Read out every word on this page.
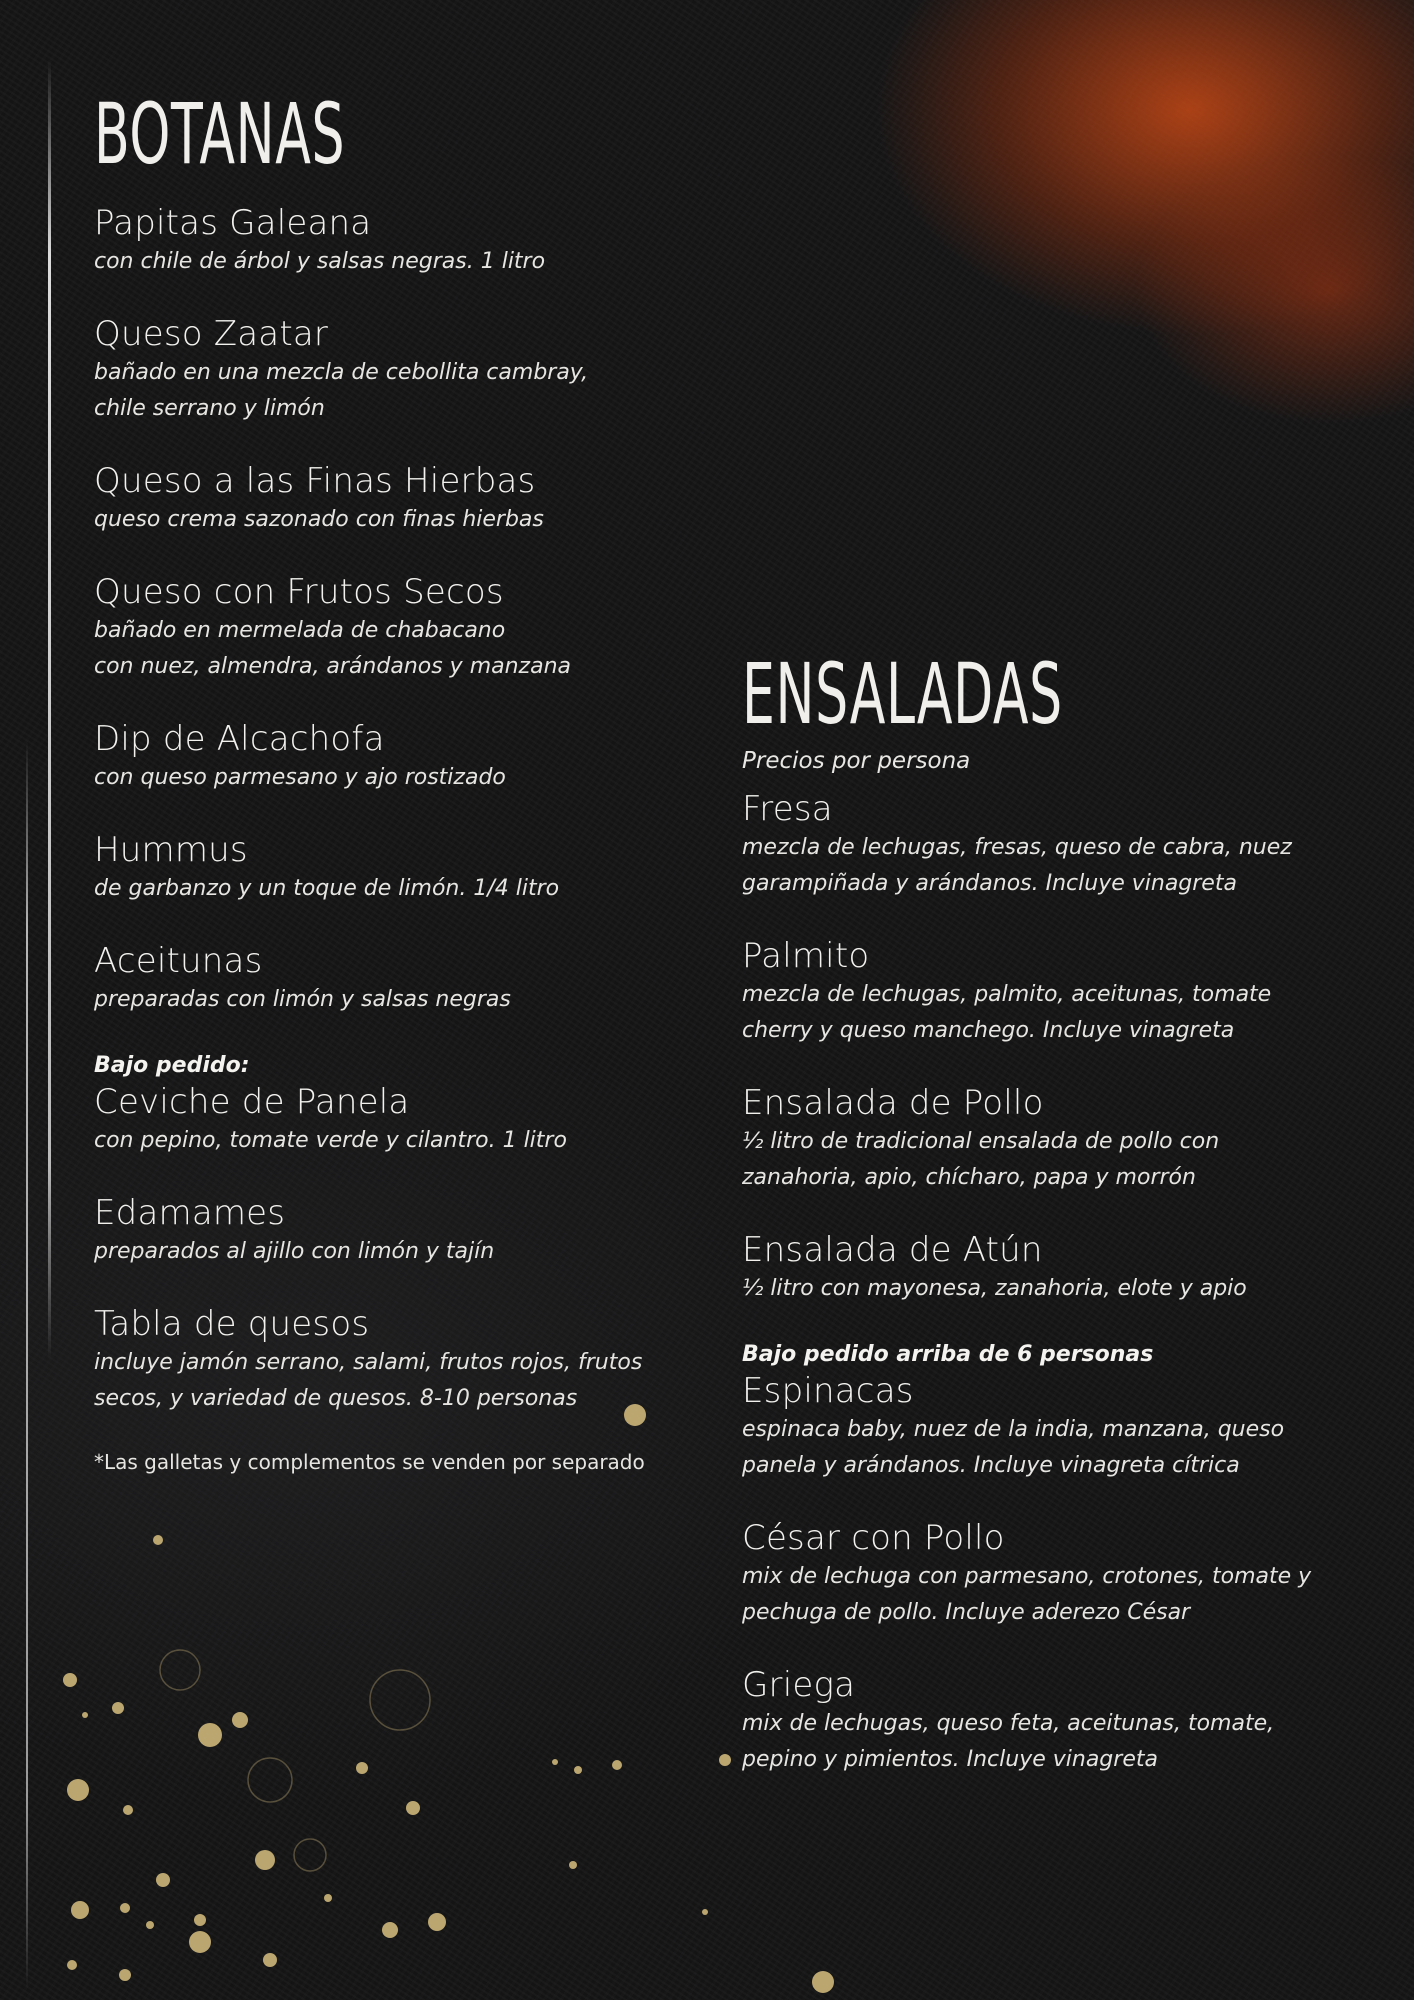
BOTANAS
Papitas Galeana
con chile de árbol y salsas negras. 1 litro
Queso Zaatar
bañado en una mezcla de cebollita cambray,
chile serrano y limón
Queso a las Finas Hierbas
queso crema sazonado con finas hierbas
Queso con Frutos Secos
bañado en mermelada de chabacano
con nuez, almendra, arándanos y manzana
Dip de Alcachofa
con queso parmesano y ajo rostizado
Hummus
de garbanzo y un toque de limón. 1/4 litro
Aceitunas
preparadas con limón y salsas negras
Bajo pedido:
Ceviche de Panela
con pepino, tomate verde y cilantro. 1 litro
Edamames
preparados al ajillo con limón y tajín
Tabla de quesos
incluye jamón serrano, salami, frutos rojos, frutos
secos, y variedad de quesos. 8-10 personas
*Las galletas y complementos se venden por separado
ENSALADAS
Precios por persona
Fresa
mezcla de lechugas, fresas, queso de cabra, nuez
garampiñada y arándanos. Incluye vinagreta
Palmito
mezcla de lechugas, palmito, aceitunas, tomate
cherry y queso manchego. Incluye vinagreta
Ensalada de Pollo
½ litro de tradicional ensalada de pollo con
zanahoria, apio, chícharo, papa y morrón
Ensalada de Atún
½ litro con mayonesa, zanahoria, elote y apio
Bajo pedido arriba de 6 personas
Espinacas
espinaca baby, nuez de la india, manzana, queso
panela y arándanos. Incluye vinagreta cítrica
César con Pollo
mix de lechuga con parmesano, crotones, tomate y
pechuga de pollo. Incluye aderezo César
Griega
mix de lechugas, queso feta, aceitunas, tomate,
pepino y pimientos. Incluye vinagreta
